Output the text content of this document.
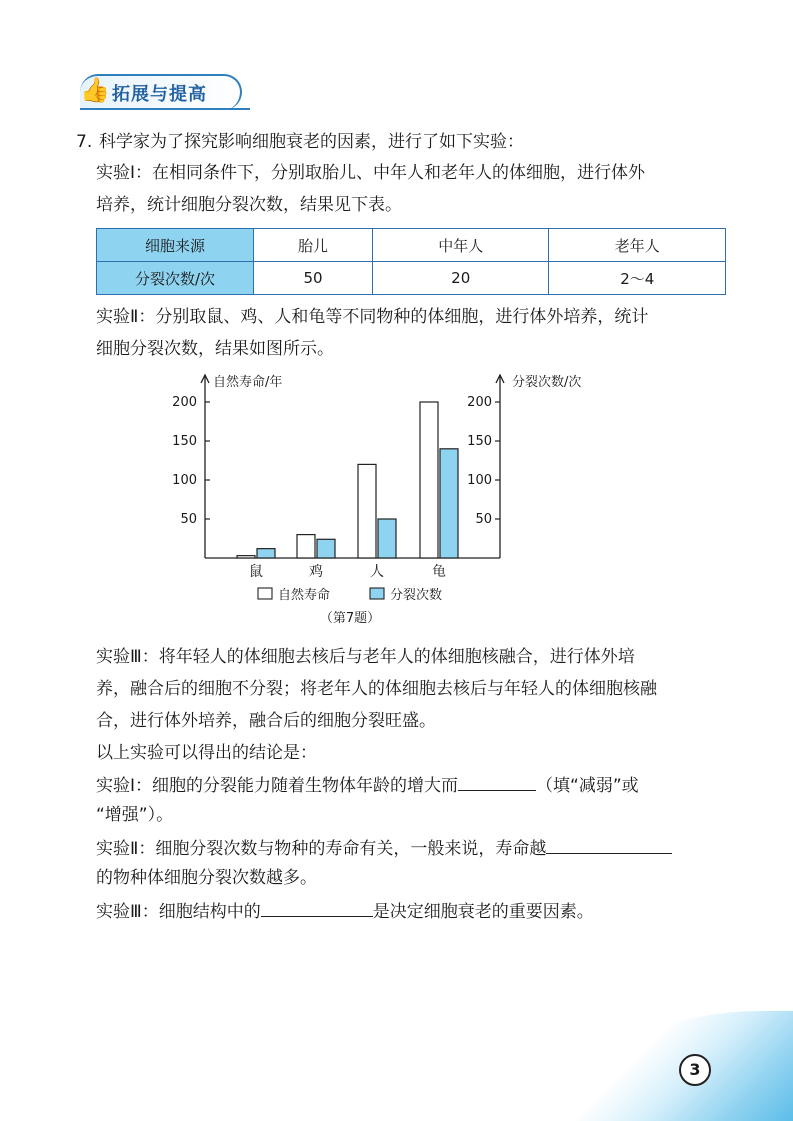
👍 拓展与提高
7. 科学家为了探究影响细胞衰老的因素，进行了如下实验：
实验Ⅰ：在相同条件下，分别取胎儿、中年人和老年人的体细胞，进行体外
培养，统计细胞分裂次数，结果见下表。
细胞来源	胎儿	中年人	老年人
分裂次数/次	50	20	2～4
实验Ⅱ：分别取鼠、鸡、人和龟等不同物种的体细胞，进行体外培养，统计
细胞分裂次数，结果如图所示。
自然寿命/年	分裂次数/次
50	50
100	100
150	150
200	200
鼠	鸡	人	龟
自然寿命	分裂次数
（第7题）
实验Ⅲ：将年轻人的体细胞去核后与老年人的体细胞核融合，进行体外培
养，融合后的细胞不分裂；将老年人的体细胞去核后与年轻人的体细胞核融
合，进行体外培养，融合后的细胞分裂旺盛。
以上实验可以得出的结论是：
实验Ⅰ：细胞的分裂能力随着生物体年龄的增大而	（填“减弱”或
“增强”）。
实验Ⅱ：细胞分裂次数与物种的寿命有关，一般来说，寿命越
的物种体细胞分裂次数越多。
实验Ⅲ：细胞结构中的	是决定细胞衰老的重要因素。
3
